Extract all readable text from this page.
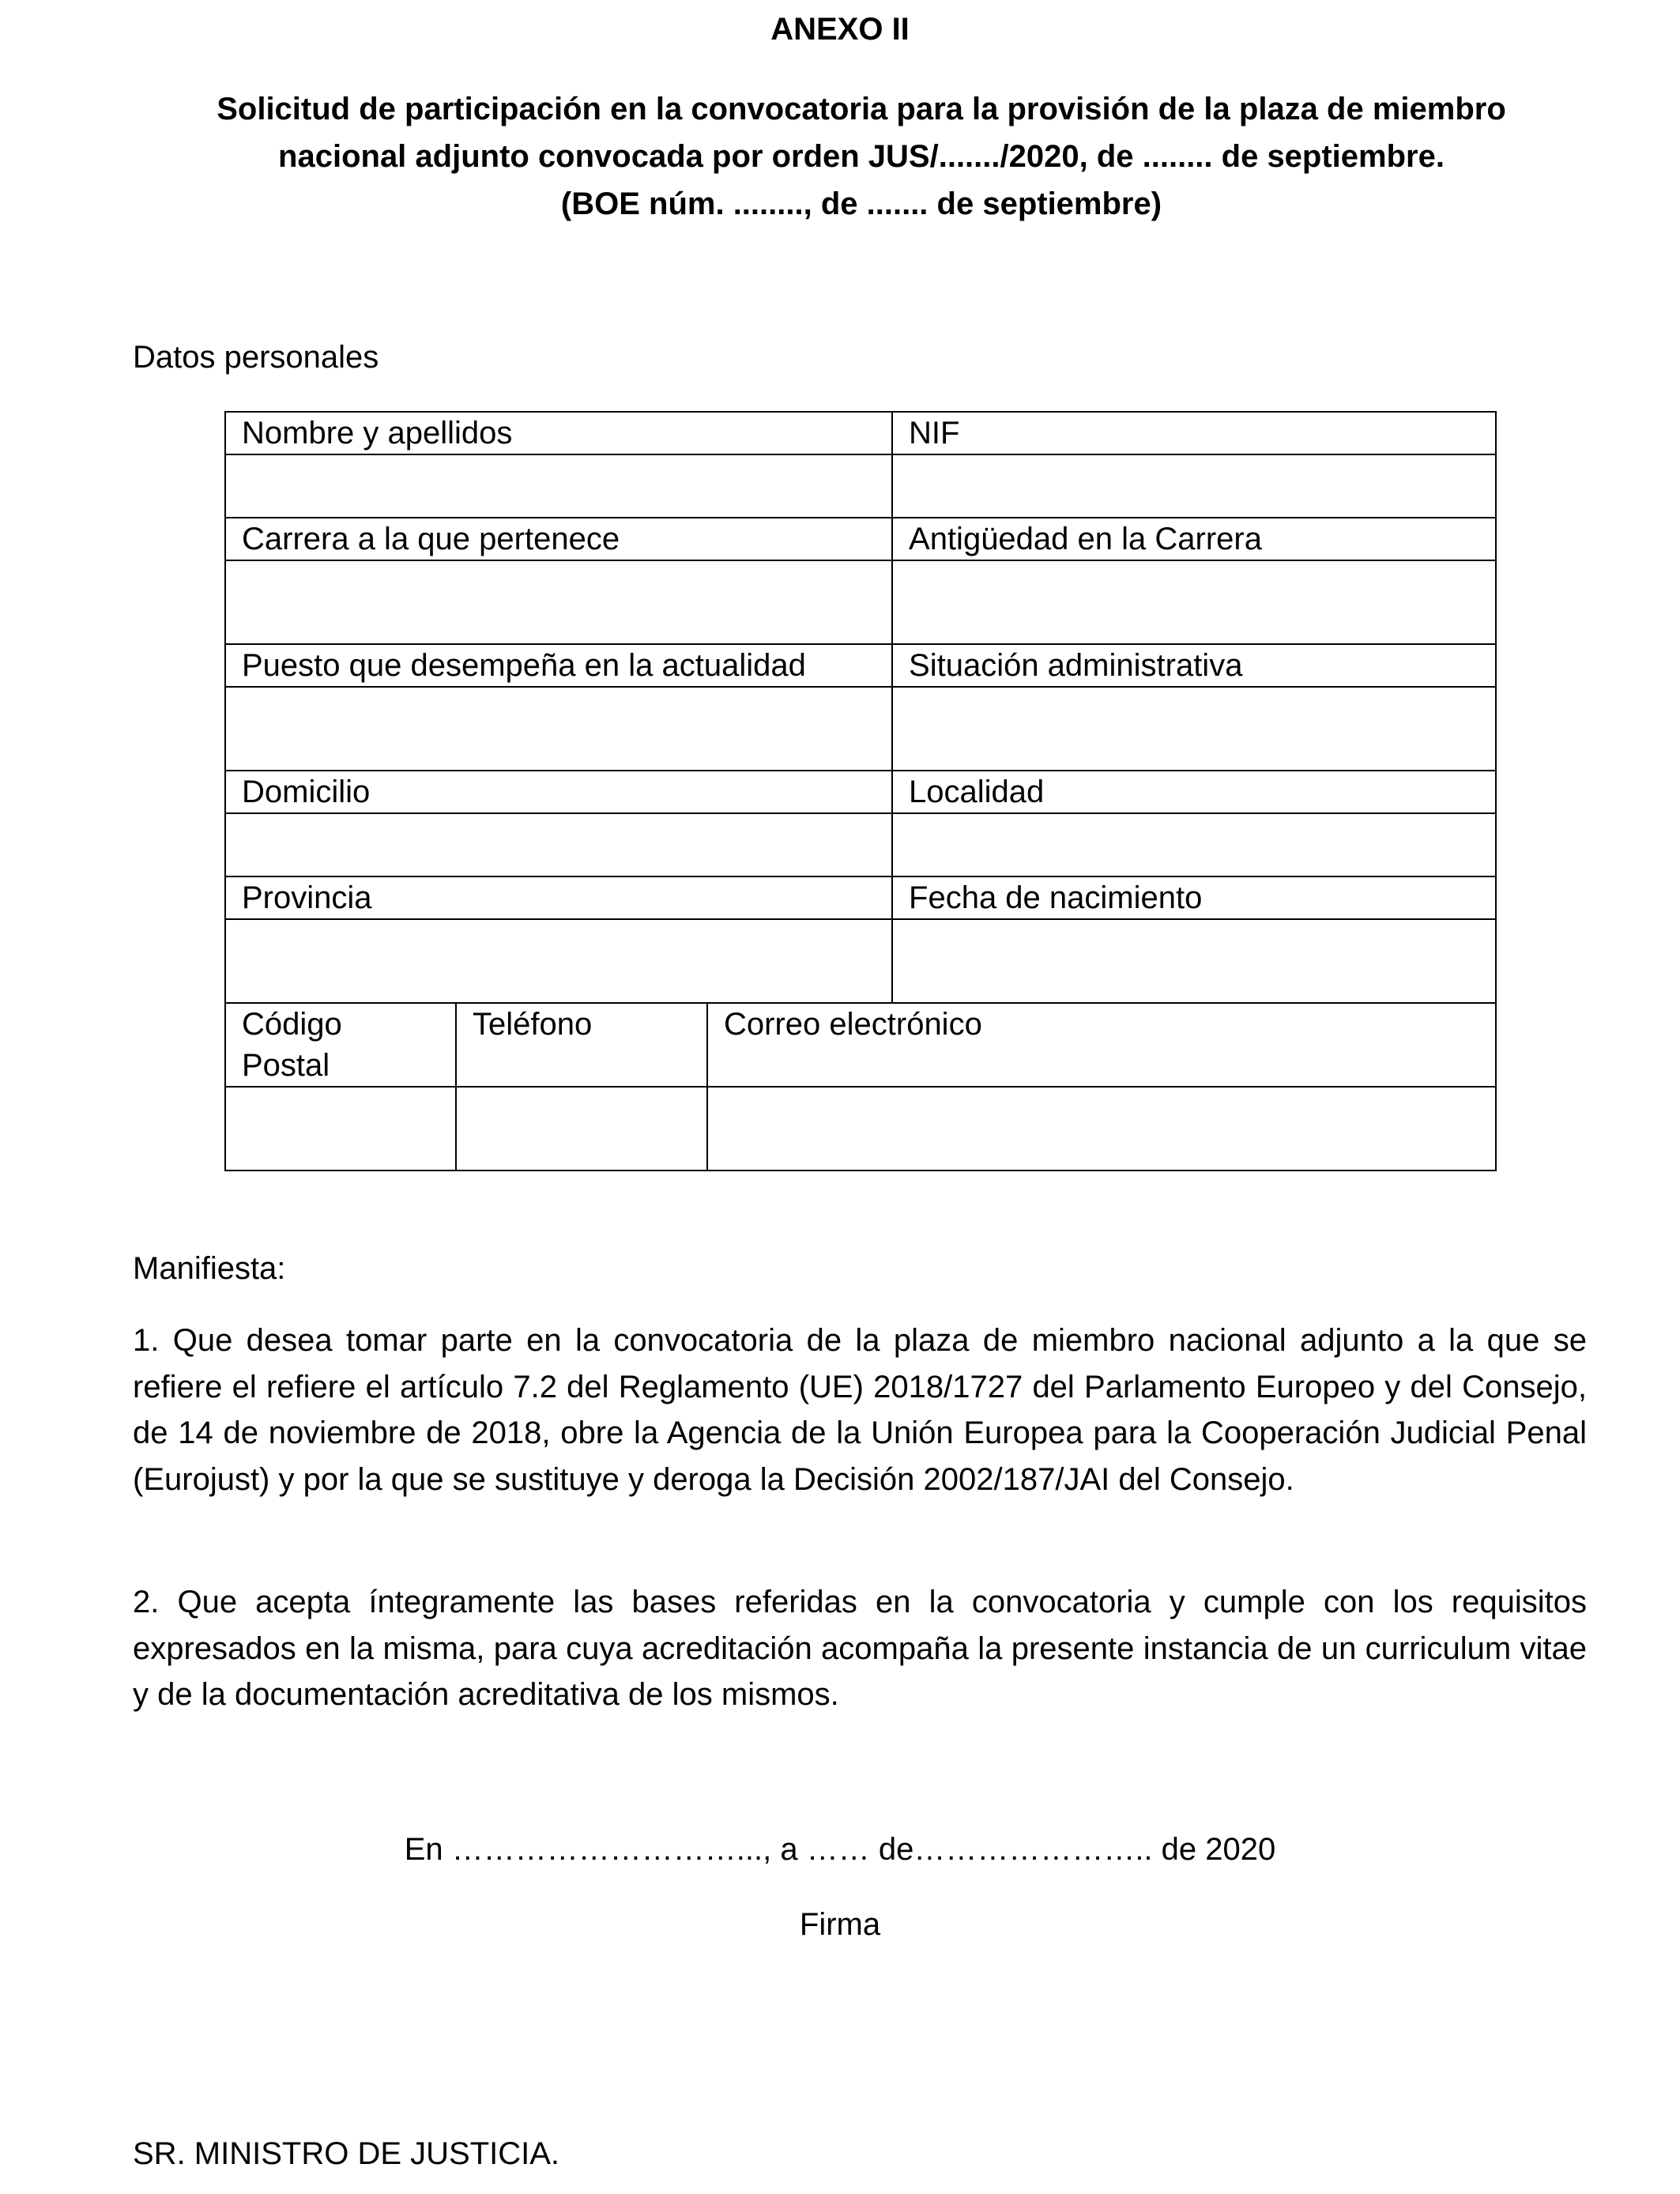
ANEXO II
Solicitud de participación en la convocatoria para la provisión de la plaza de miembro
nacional adjunto convocada por orden JUS/......./2020, de ........ de septiembre.
(BOE núm. ........, de ....... de septiembre)
Datos personales
Nombre y apellidos			NIF

Carrera a la que pertenece			Antigüedad en la Carrera

Puesto que desempeña en la actualidad			Situación administrativa

Domicilio			Localidad

Provincia			Fecha de nacimiento

Código
Postal	Teléfono	Correo electrónico	

Manifiesta:
1. Que desea tomar parte en la convocatoria de la plaza de miembro nacional adjunto a la que se refiere el refiere el artículo 7.2 del Reglamento (UE) 2018/1727 del Parlamento Europeo y del Consejo, de 14 de noviembre de 2018, obre la Agencia de la Unión Europea para la Cooperación Judicial Penal (Eurojust) y por la que se sustituye y deroga la Decisión 2002/187/JAI del Consejo.
2. Que acepta íntegramente las bases referidas en la convocatoria y cumple con los requisitos expresados en la misma, para cuya acreditación acompaña la presente instancia de un curriculum vitae y de la documentación acreditativa de los mismos.
En ………………………..., a …… de………………….. de 2020
Firma
SR. MINISTRO DE JUSTICIA.
